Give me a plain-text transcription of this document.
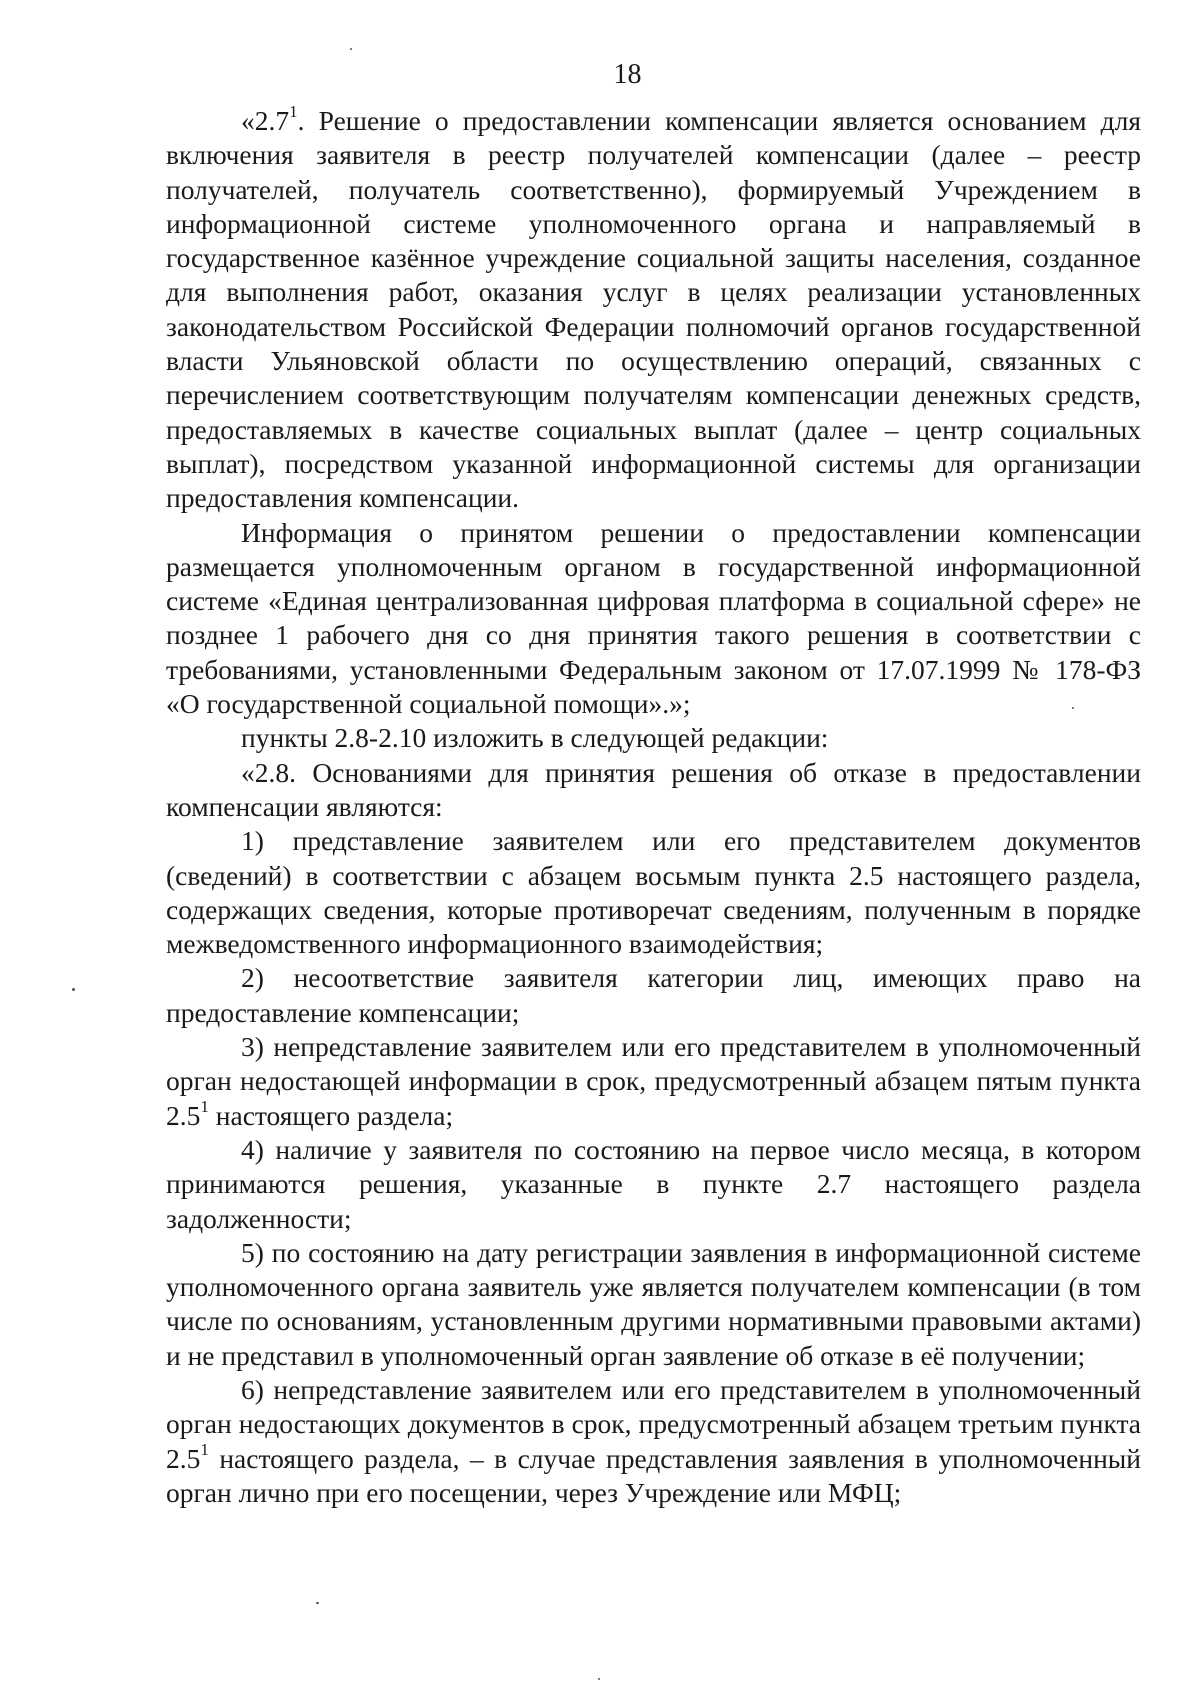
18

«$2.7^1$. Решение о предоставлении компенсации является основанием для включения заявителя в реестр получателей компенсации (далее – реестр получателей, получатель соответственно), формируемый Учреждением в информационной системе уполномоченного органа и направляемый в государственное казённое учреждение социальной защиты населения, созданное для выполнения работ, оказания услуг в целях реализации установленных законодательством Российской Федерации полномочий органов государственной власти Ульяновской области по осуществлению операций, связанных с перечислением соответствующим получателям компенсации денежных средств, предоставляемых в качестве социальных выплат (далее – центр социальных выплат), посредством указанной информационной системы для организации предоставления компенсации.

Информация о принятом решении о предоставлении компенсации размещается уполномоченным органом в государственной информационной системе «Единая централизованная цифровая платформа в социальной сфере» не позднее 1 рабочего дня со дня принятия такого решения в соответствии с требованиями, установленными Федеральным законом от 17.07.1999 № 178-ФЗ «О государственной социальной помощи».»;

пункты 2.8-2.10 изложить в следующей редакции:

«2.8. Основаниями для принятия решения об отказе в предоставлении компенсации являются:

1) представление заявителем или его представителем документов (сведений) в соответствии с абзацем восьмым пункта 2.5 настоящего раздела, содержащих сведения, которые противоречат сведениям, полученным в порядке межведомственного информационного взаимодействия;

2) несоответствие заявителя категории лиц, имеющих право на предоставление компенсации;

3) непредставление заявителем или его представителем в уполномоченный орган недостающей информации в срок, предусмотренный абзацем пятым пункта $2.5^1$ настоящего раздела;

4) наличие у заявителя по состоянию на первое число месяца, в котором принимаются решения, указанные в пункте 2.7 настоящего раздела задолженности;

5) по состоянию на дату регистрации заявления в информационной системе уполномоченного органа заявитель уже является получателем компенсации (в том числе по основаниям, установленным другими нормативными правовыми актами) и не представил в уполномоченный орган заявление об отказе в её получении;

6) непредставление заявителем или его представителем в уполномоченный орган недостающих документов в срок, предусмотренный абзацем третьим пункта $2.5^1$ настоящего раздела, – в случае представления заявления в уполномоченный орган лично при его посещении, через Учреждение или МФЦ;
